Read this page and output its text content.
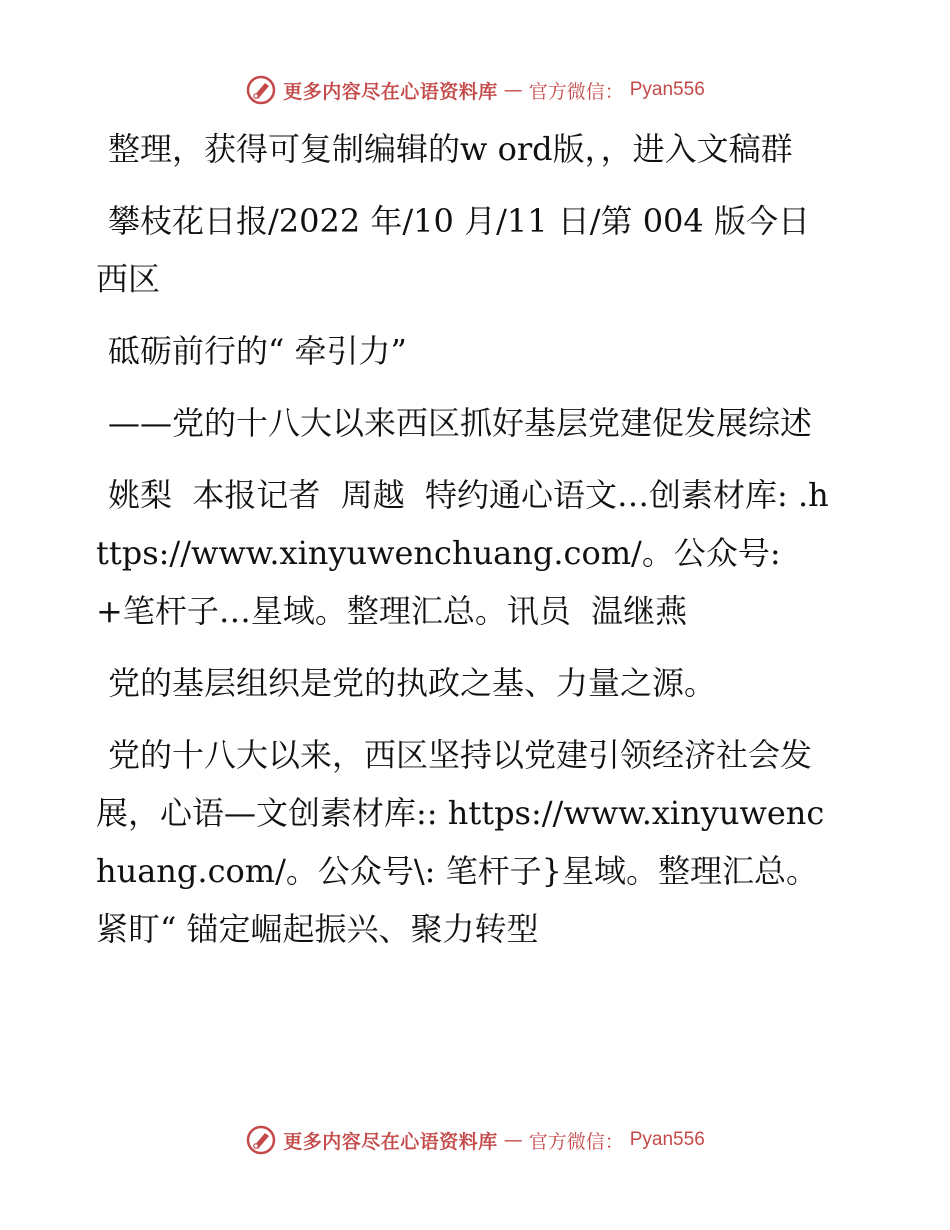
更多内容尽在心语资料库 — 官方微信： Pyan556

整理，获得可复制编辑的w ord版，，进入文稿群

攀枝花日报/2022 年/10 月/11 日/第 004 版今日西区

砥砺前行的“ 牵引力”

——党的十八大以来西区抓好基层党建促发展综述

姚梨  本报记者  周越  特约通心语文…创素材库: .https://www.xinyuwenchuang.com/。公众号: +笔杆子…星域。整理汇总。讯员  温继燕

党的基层组织是党的执政之基、力量之源。

党的十八大以来，西区坚持以党建引领经济社会发展，心语—文创素材库:: https://www.xinyuwenchuang.com/。公众号\: 笔杆子}星域。整理汇总。紧盯“ 锚定崛起振兴、聚力转型

更多内容尽在心语资料库 — 官方微信： Pyan556
